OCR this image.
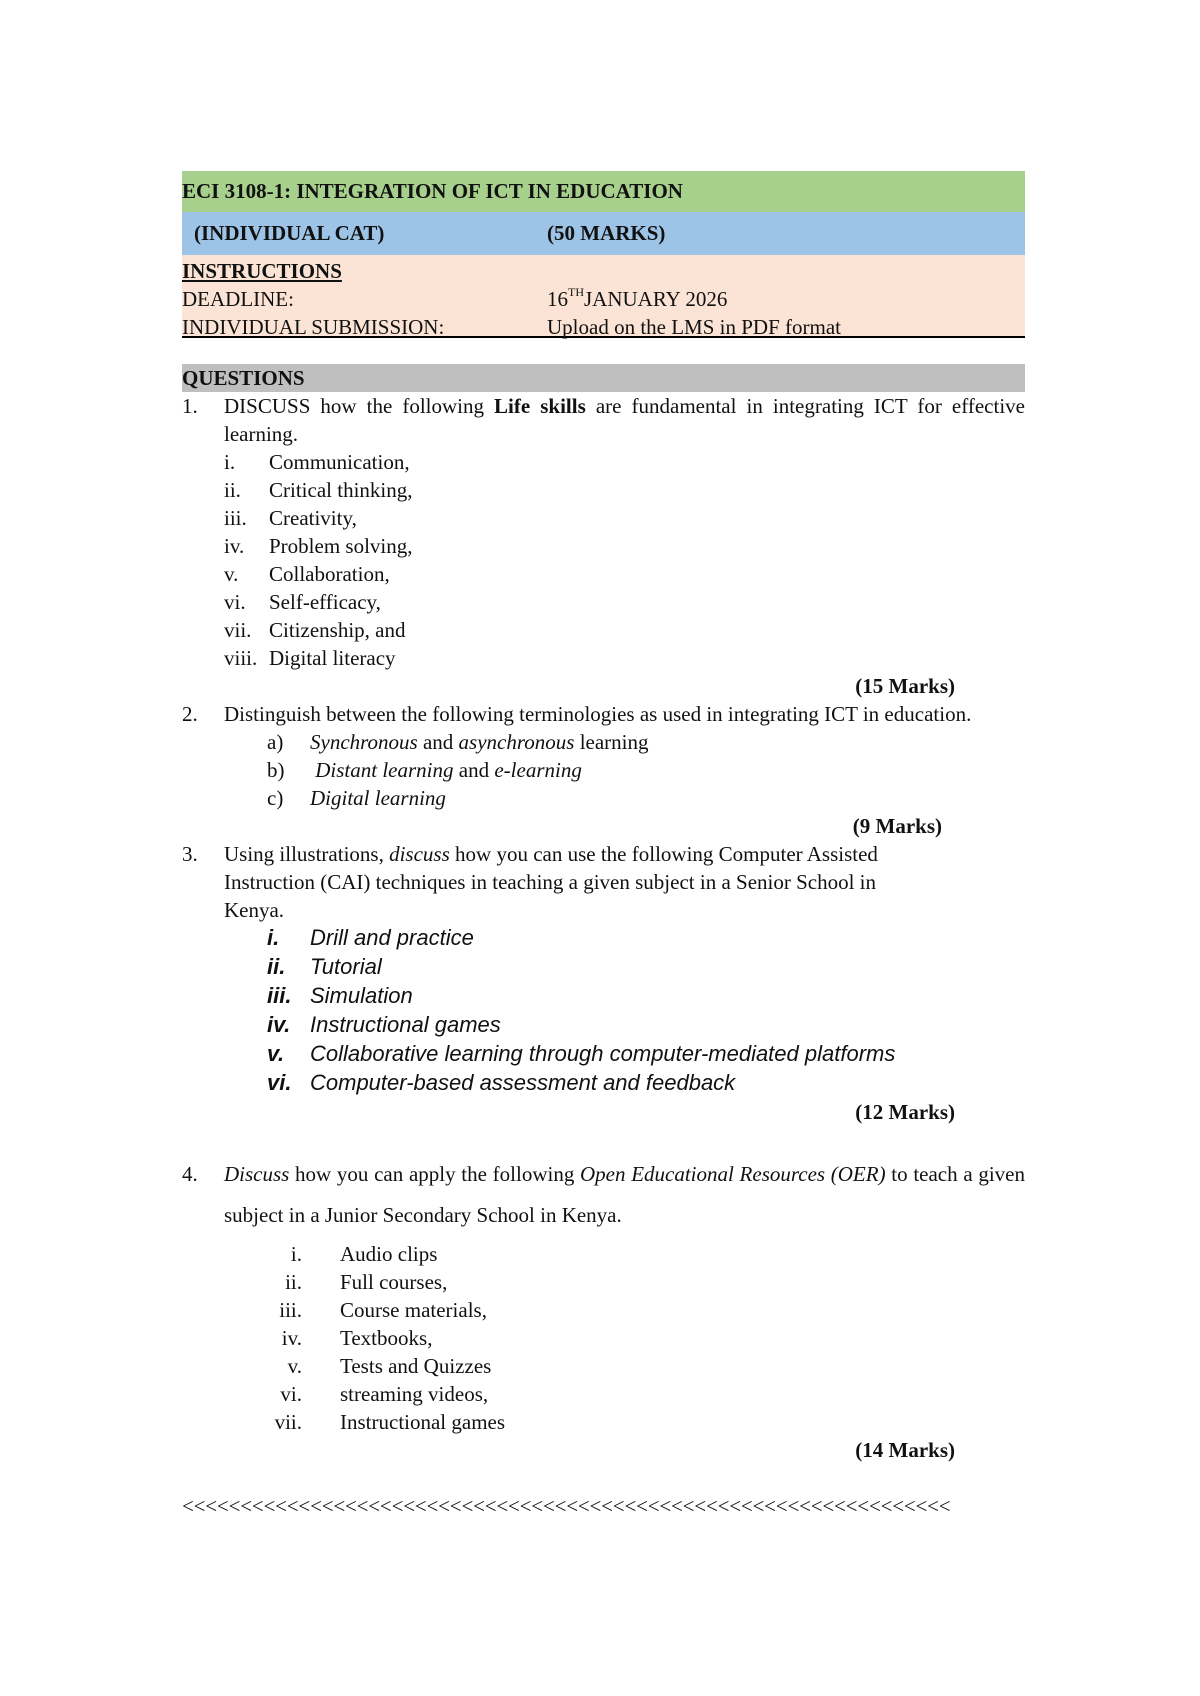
ECI 3108-1: INTEGRATION OF ICT IN EDUCATION
(INDIVIDUAL CAT)	(50 MARKS)
INSTRUCTIONS
DEADLINE:	16THJANUARY 2026
INDIVIDUAL SUBMISSION:	Upload on the LMS in PDF format
QUESTIONS
1. DISCUSS how the following Life skills are fundamental in integrating ICT for effective learning.
i. Communication,
ii. Critical thinking,
iii. Creativity,
iv. Problem solving,
v. Collaboration,
vi. Self-efficacy,
vii. Citizenship, and
viii. Digital literacy
(15 Marks)
2. Distinguish between the following terminologies as used in integrating ICT in education.
a) Synchronous and asynchronous learning
b) Distant learning and e-learning
c) Digital learning
(9 Marks)
3. Using illustrations, discuss how you can use the following Computer Assisted Instruction (CAI) techniques in teaching a given subject in a Senior School in Kenya.
i. Drill and practice
ii. Tutorial
iii. Simulation
iv. Instructional games
v. Collaborative learning through computer-mediated platforms
vi. Computer-based assessment and feedback
(12 Marks)
4. Discuss how you can apply the following Open Educational Resources (OER) to teach a given subject in a Junior Secondary School in Kenya.
i. Audio clips
ii. Full courses,
iii. Course materials,
iv. Textbooks,
v. Tests and Quizzes
vi. streaming videos,
vii. Instructional games
(14 Marks)
<<<<<<<<<<<<<<<<<<<<<<<<<<<<<<<<<<<<<<<<<<<<<<<<<<<<<<<<<<<<<<<<<<
